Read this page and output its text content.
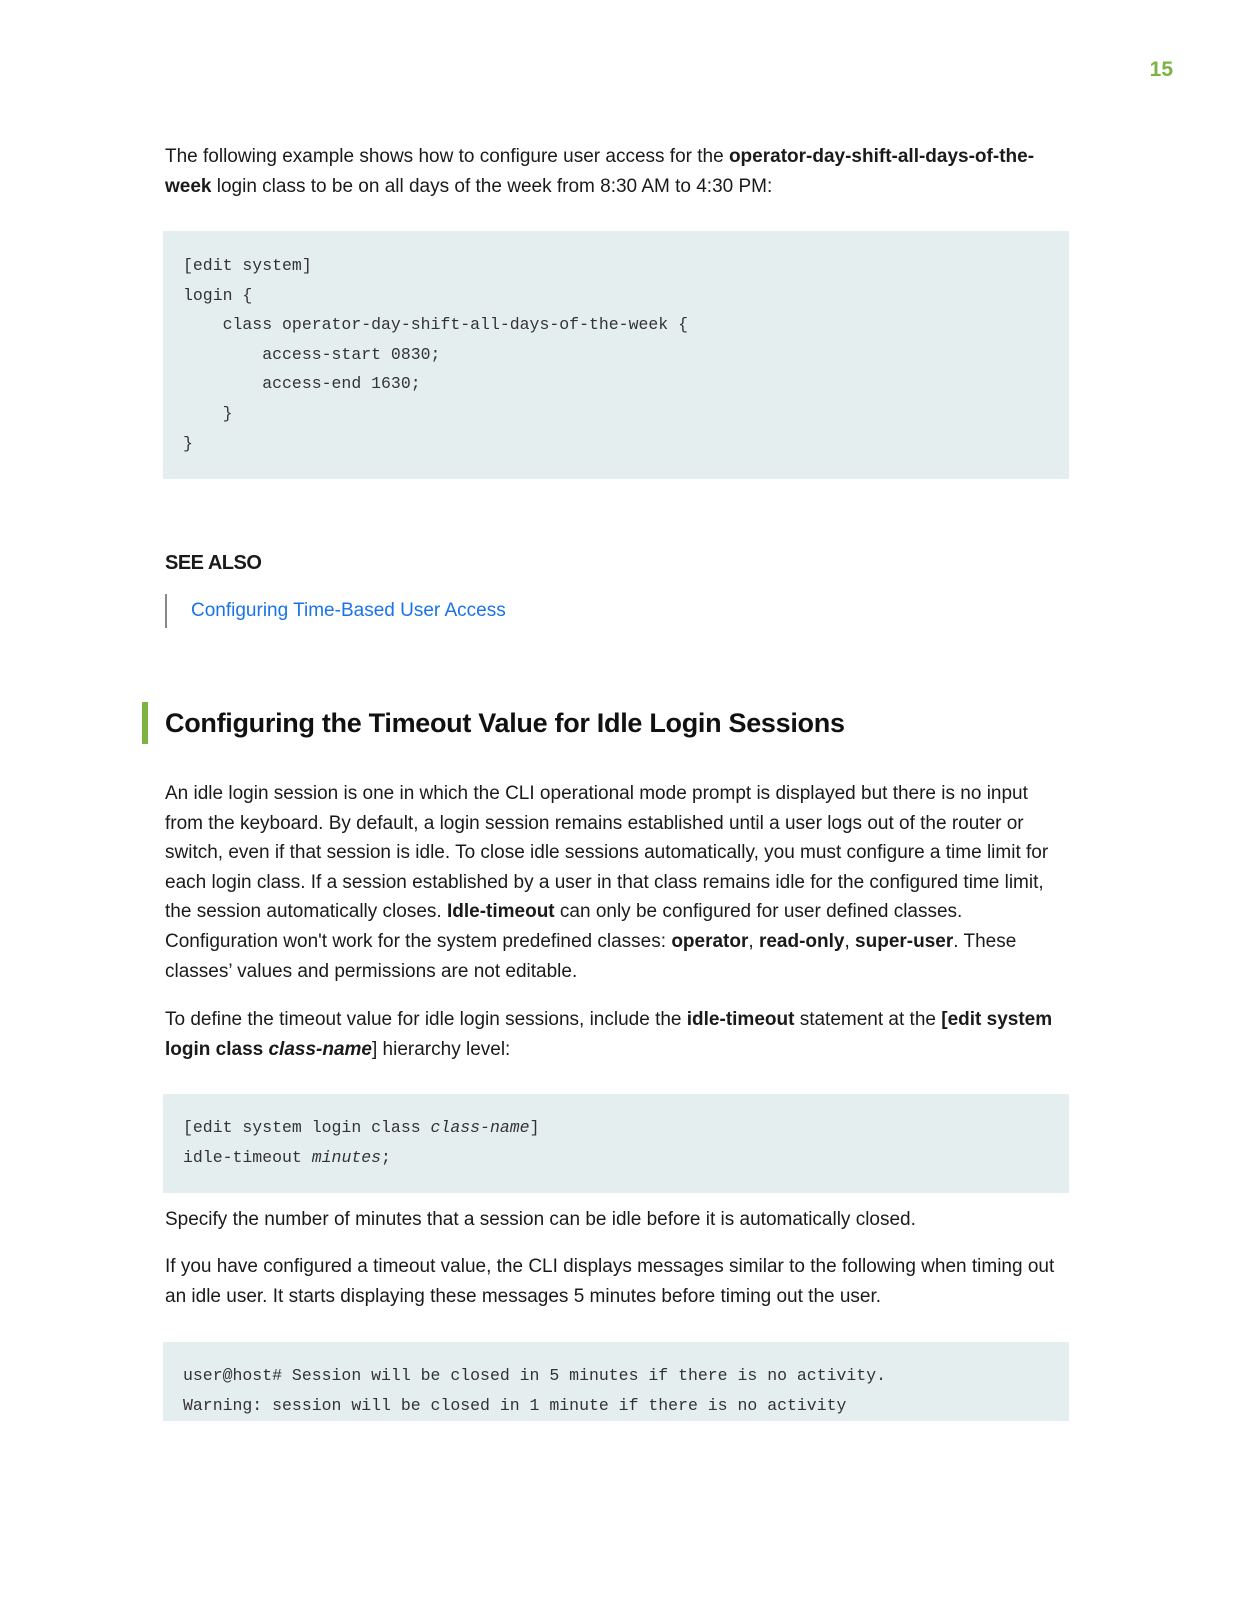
15

The following example shows how to configure user access for the operator-day-shift-all-days-of-the-week login class to be on all days of the week from 8:30 AM to 4:30 PM:

[edit system]
login {
class operator-day-shift-all-days-of-the-week {
access-start 0830;
access-end 1630;
}
}
SEE ALSO
Configuring Time-Based User Access
Configuring the Timeout Value for Idle Login Sessions

An idle login session is one in which the CLI operational mode prompt is displayed but there is no input from the keyboard. By default, a login session remains established until a user logs out of the router or switch, even if that session is idle. To close idle sessions automatically, you must configure a time limit for each login class. If a session established by a user in that class remains idle for the configured time limit, the session automatically closes. Idle-timeout can only be configured for user defined classes. Configuration won't work for the system predefined classes: operator, read-only, super-user. These classes’ values and permissions are not editable.

To define the timeout value for idle login sessions, include the idle-timeout statement at the [edit system login class class-name] hierarchy level:

[edit system login class class-name]
idle-timeout minutes;

Specify the number of minutes that a session can be idle before it is automatically closed.

If you have configured a timeout value, the CLI displays messages similar to the following when timing out an idle user. It starts displaying these messages 5 minutes before timing out the user.

user@host# Session will be closed in 5 minutes if there is no activity.
Warning: session will be closed in 1 minute if there is no activity
